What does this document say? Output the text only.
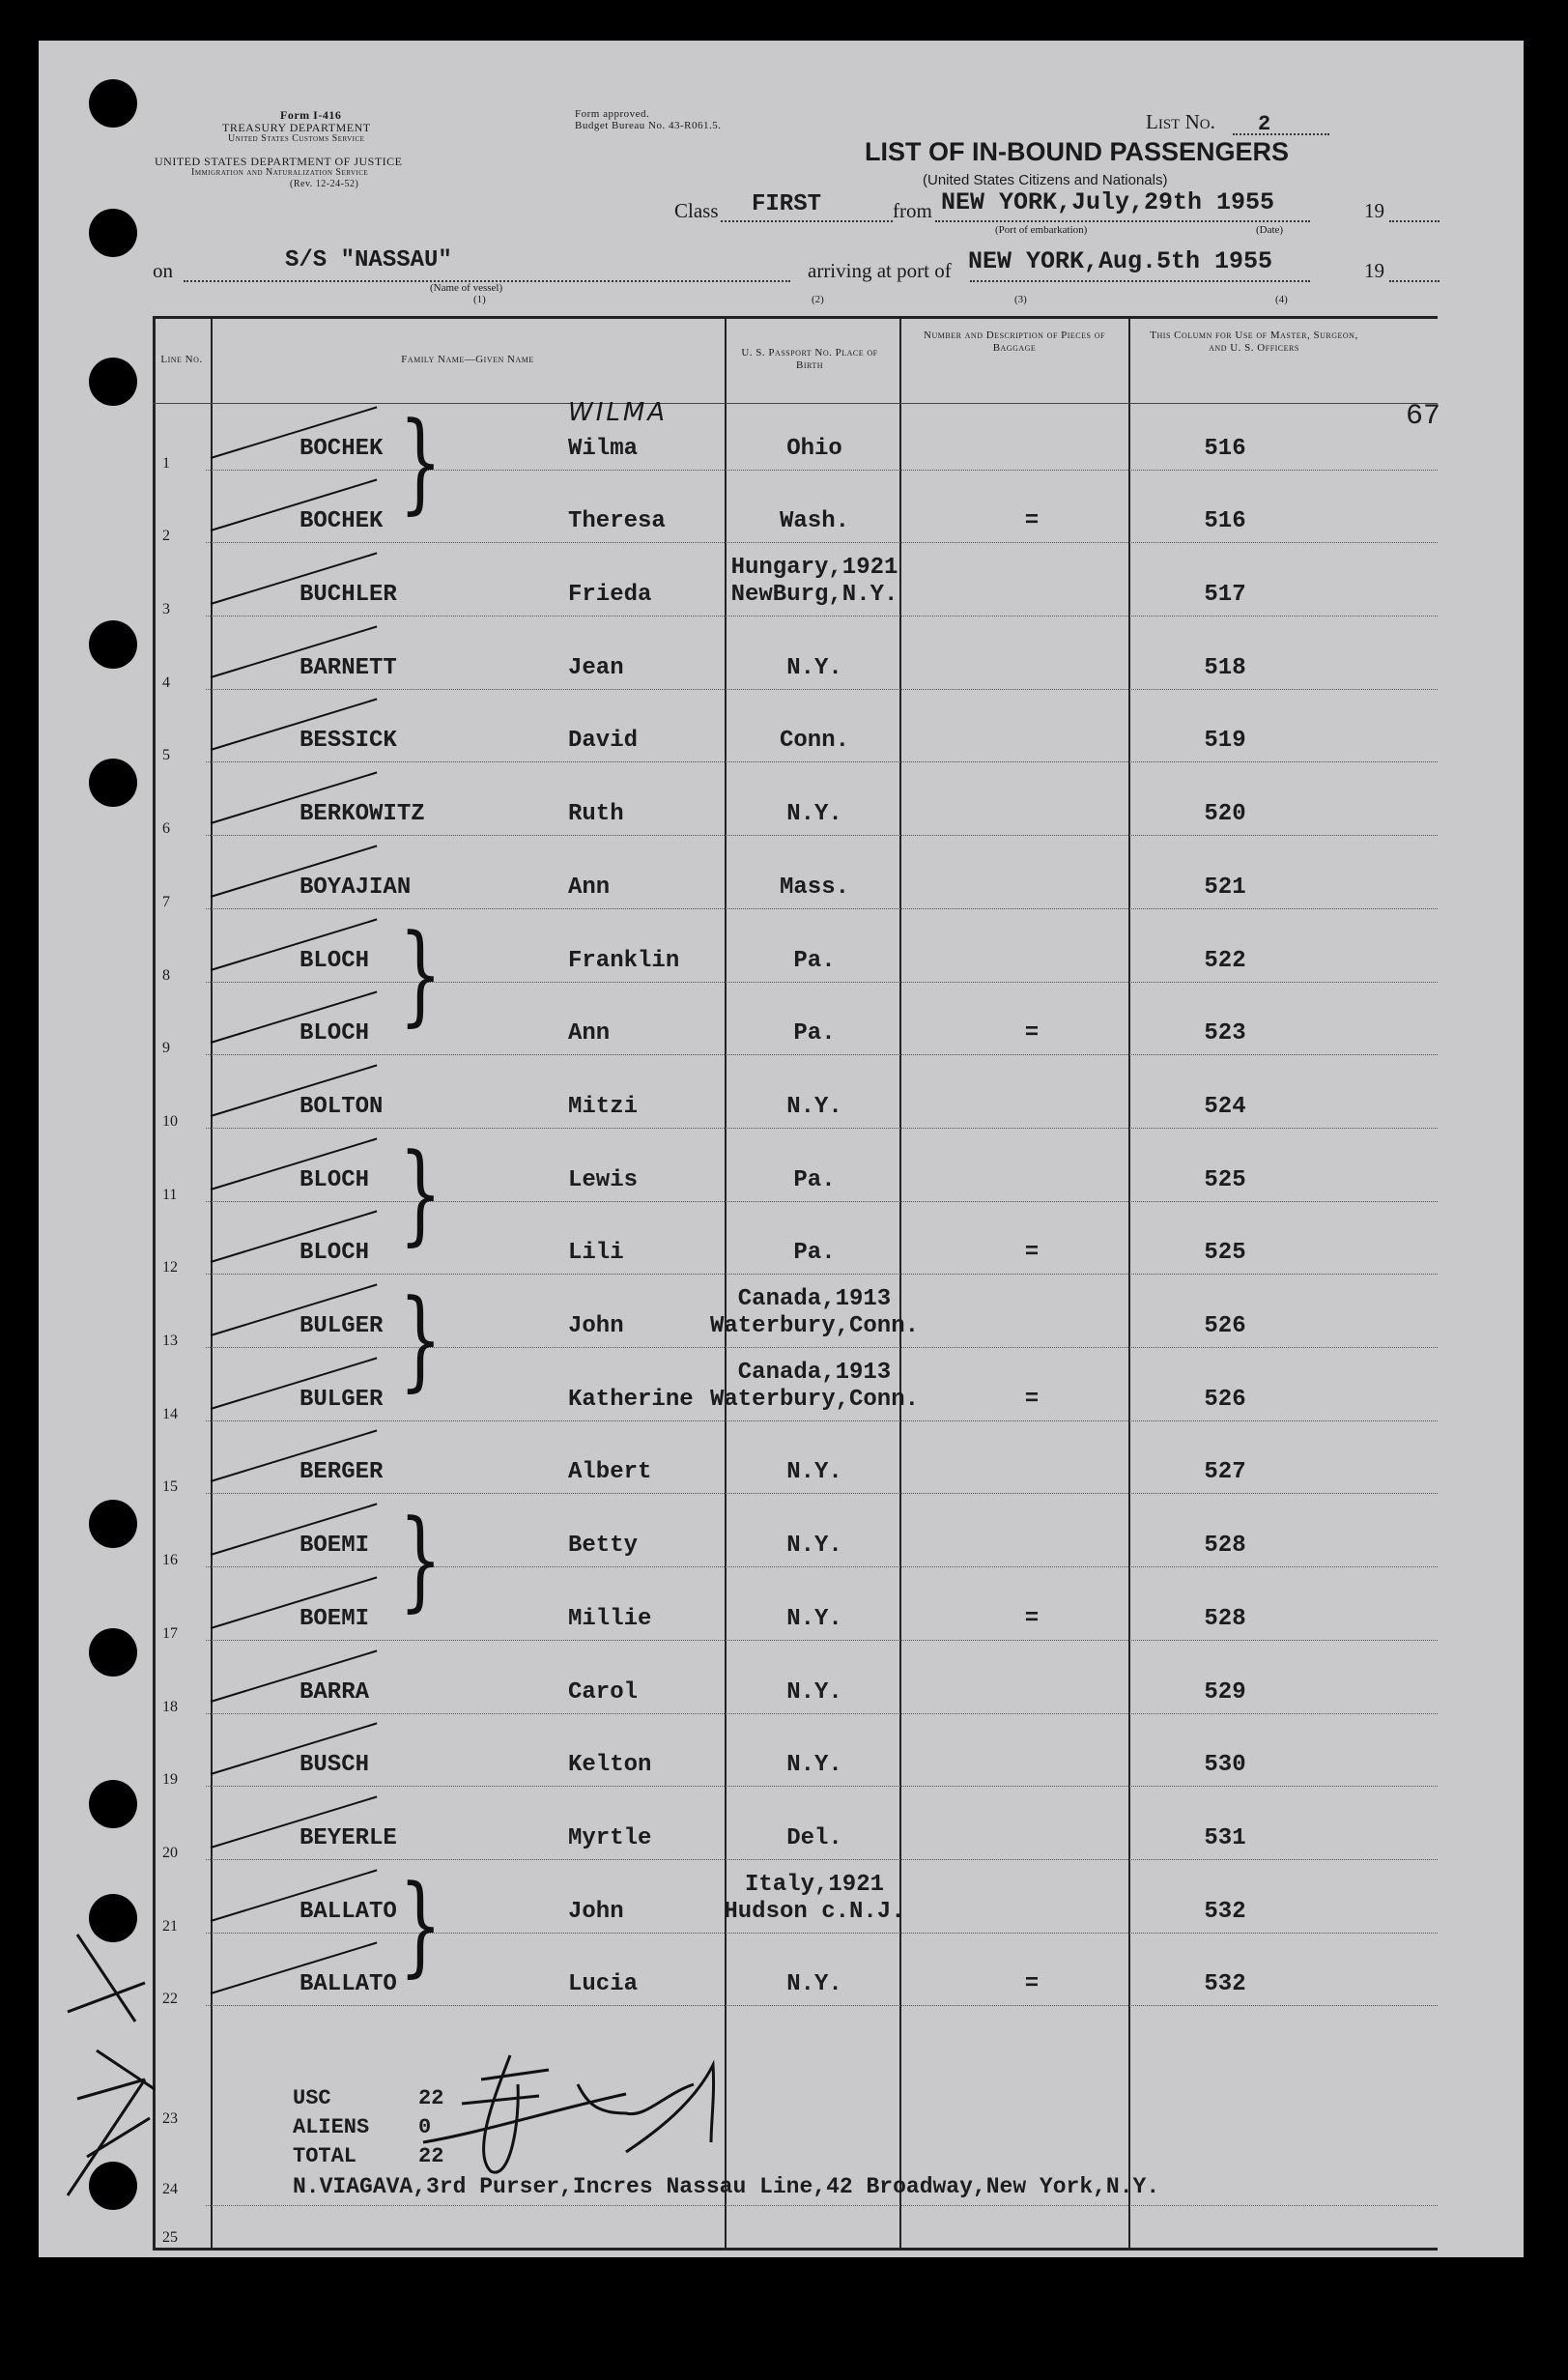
Form I-416
TREASURY DEPARTMENT
United States Customs Service
UNITED STATES DEPARTMENT OF JUSTICE
Immigration and Naturalization Service
(Rev. 12-24-52)
Form approved.
Budget Bureau No. 43-R061.5.	List No. 2
LIST OF IN-BOUND PASSENGERS
(United States Citizens and Nationals)
Class FIRST	from NEW YORK,July,29th 1955	19
(Port of embarkation)	(Date)
on	S/S "NASSAU"
(Name of vessel)
(1)
arriving at port of NEW YORK,Aug.5th 1955	19
(2)	(3)	(4)
67
Line No.	Family Name—Given Name
U. S. Passport No. Place of Birth
Number and Description of Pieces of Baggage
This Column for Use of Master, Surgeon, and U. S. Officers
1
BOCHEK	Wilma	Ohio	516
}
2
BOCHEK	Theresa	Wash.	=	516
3
BUCHLER	Frieda
Hungary,1921
NewBurg,N.Y.	517
4
BARNETT	Jean	N.Y.	518
5
BESSICK	David	Conn.	519
6
BERKOWITZ	Ruth	N.Y.	520
7
BOYAJIAN	Ann	Mass.	521
8
BLOCH	Franklin	Pa.	522
}
9
BLOCH	Ann	Pa.	=	523
10
BOLTON	Mitzi	N.Y.	524
11
BLOCH	Lewis	Pa.	525
}
12
BLOCH	Lili	Pa.	=	525
13
BULGER	John
Canada,1913
Waterbury,Conn.	526
}
14
BULGER	Katherine
Canada,1913
Waterbury,Conn.	=	526
15
BERGER	Albert	N.Y.	527
16
BOEMI	Betty	N.Y.	528
}
17
BOEMI	Millie	N.Y.	=	528
18
BARRA	Carol	N.Y.	529
19
BUSCH	Kelton	N.Y.	530
20
BEYERLE	Myrtle	Del.	531
21
BALLATO	John
Italy,1921
Hudson c.N.J.	532
}
22
BALLATO	Lucia	N.Y.	=	532
WILMA
USC	22
ALIENS 0
TOTAL	22
23
24
25
N.VIAGAVA,3rd Purser,Incres Nassau Line,42 Broadway,New York,N.Y.
